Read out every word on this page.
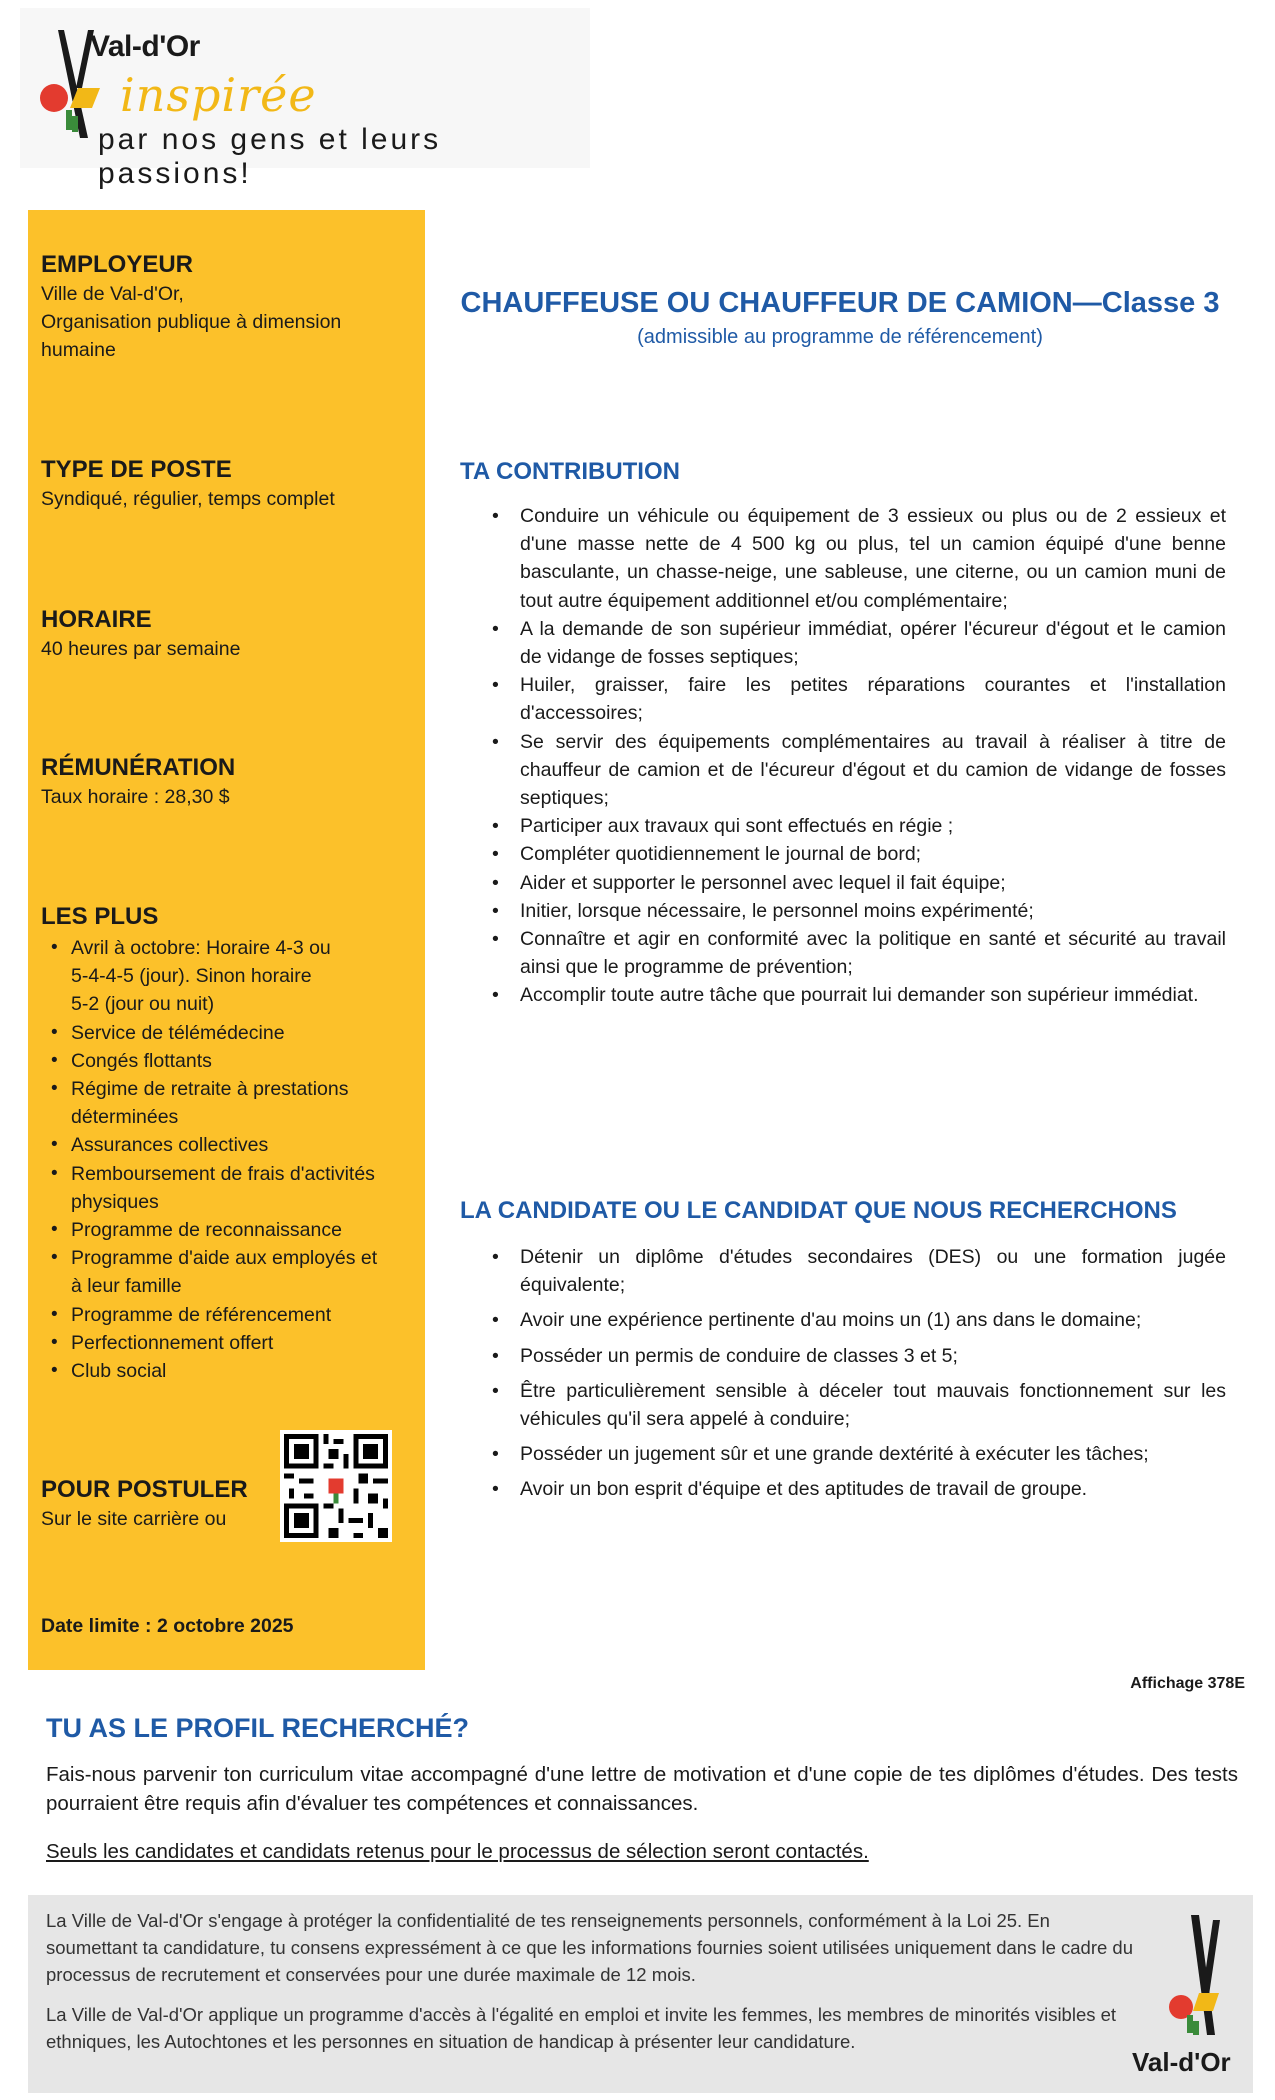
Val-d'Or
inspirée
par nos gens et leurs passions!
EMPLOYEUR
Ville de Val-d'Or,
Organisation publique à dimension
humaine
TYPE DE POSTE
Syndiqué, régulier, temps complet
HORAIRE
40 heures par semaine
RÉMUNÉRATION
Taux horaire : 28,30 $
LES PLUS
• Avril à octobre: Horaire 4-3 ou 5-4-4-5 (jour). Sinon horaire 5-2 (jour ou nuit)
• Service de télémédecine
• Congés flottants
• Régime de retraite à prestations déterminées
• Assurances collectives
• Remboursement de frais d'activités physiques
• Programme de reconnaissance
• Programme d'aide aux employés et à leur famille
• Programme de référencement
• Perfectionnement offert
• Club social
POUR POSTULER
Sur le site carrière ou
Date limite : 2 octobre 2025
CHAUFFEUSE OU CHAUFFEUR DE CAMION—Classe 3
(admissible au programme de référencement)
TA CONTRIBUTION
• Conduire un véhicule ou équipement de 3 essieux ou plus ou de 2 essieux et d'une masse nette de 4 500 kg ou plus, tel un camion équipé d'une benne basculante, un chasse-neige, une sableuse, une citerne, ou un camion muni de tout autre équipement additionnel et/ou complémentaire;
• A la demande de son supérieur immédiat, opérer l'écureur d'égout et le camion de vidange de fosses septiques;
• Huiler, graisser, faire les petites réparations courantes et l'installation d'accessoires;
• Se servir des équipements complémentaires au travail à réaliser à titre de chauffeur de camion et de l'écureur d'égout et du camion de vidange de fosses septiques;
• Participer aux travaux qui sont effectués en régie ;
• Compléter quotidiennement le journal de bord;
• Aider et supporter le personnel avec lequel il fait équipe;
• Initier, lorsque nécessaire, le personnel moins expérimenté;
• Connaître et agir en conformité avec la politique en santé et sécurité au travail ainsi que le programme de prévention;
• Accomplir toute autre tâche que pourrait lui demander son supérieur immédiat.
LA CANDIDATE OU LE CANDIDAT QUE NOUS RECHERCHONS
• Détenir un diplôme d'études secondaires (DES) ou une formation jugée équivalente;
• Avoir une expérience pertinente d'au moins un (1) ans dans le domaine;
• Posséder un permis de conduire de classes 3 et 5;
• Être particulièrement sensible à déceler tout mauvais fonctionnement sur les véhicules qu'il sera appelé à conduire;
• Posséder un jugement sûr et une grande dextérité à exécuter les tâches;
• Avoir un bon esprit d'équipe et des aptitudes de travail de groupe.
Affichage 378E
TU AS LE PROFIL RECHERCHÉ?
Fais-nous parvenir ton curriculum vitae accompagné d'une lettre de motivation et d'une copie de tes diplômes d'études. Des tests pourraient être requis afin d'évaluer tes compétences et connaissances.
Seuls les candidates et candidats retenus pour le processus de sélection seront contactés.

La Ville de Val-d'Or s'engage à protéger la confidentialité de tes renseignements personnels, conformément à la Loi 25. En soumettant ta candidature, tu consens expressément à ce que les informations fournies soient utilisées uniquement dans le cadre du processus de recrutement et conservées pour une durée maximale de 12 mois.

La Ville de Val-d'Or applique un programme d'accès à l'égalité en emploi et invite les femmes, les membres de minorités visibles et ethniques, les Autochtones et les personnes en situation de handicap à présenter leur candidature.

Val-d'Or
